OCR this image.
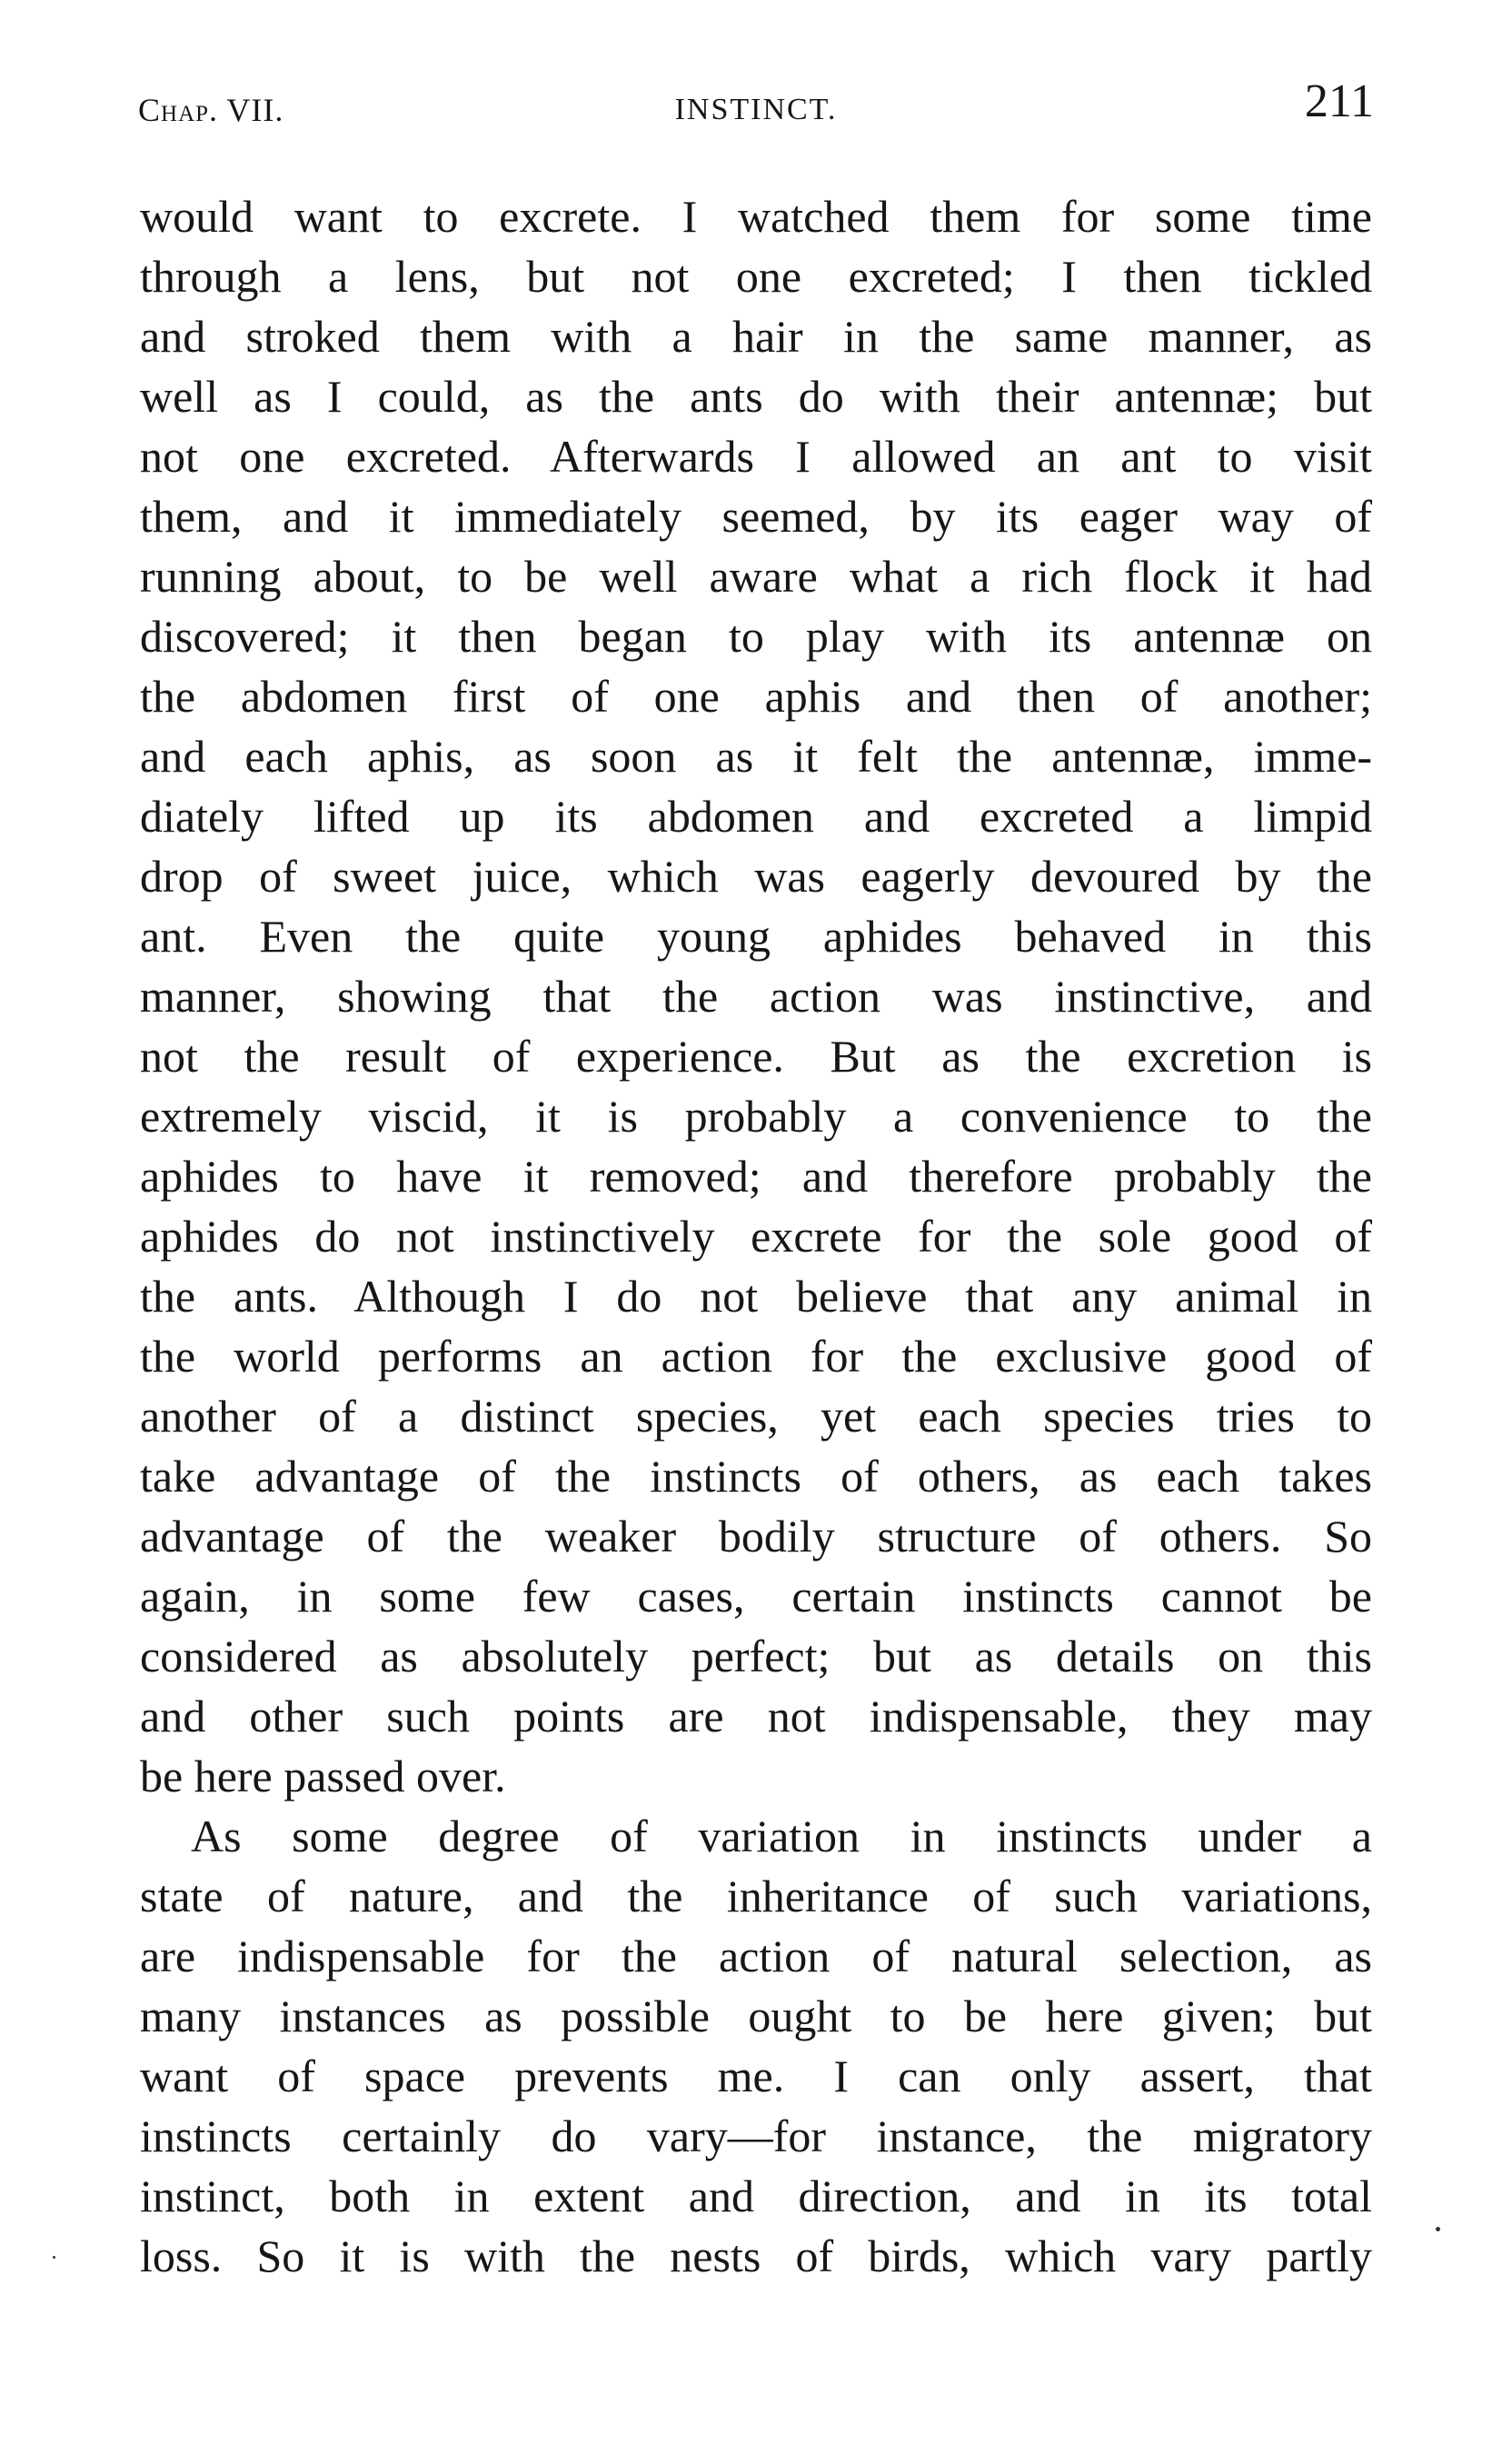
Chap. VII.	INSTINCT.	211
would want to excrete. I watched them for some time
through a lens, but not one excreted; I then tickled
and stroked them with a hair in the same manner, as
well as I could, as the ants do with their antennæ; but
not one excreted. Afterwards I allowed an ant to visit
them, and it immediately seemed, by its eager way of
running about, to be well aware what a rich flock it had
discovered; it then began to play with its antennæ on
the abdomen first of one aphis and then of another;
and each aphis, as soon as it felt the antennæ, imme-
diately lifted up its abdomen and excreted a limpid
drop of sweet juice, which was eagerly devoured by the
ant. Even the quite young aphides behaved in this
manner, showing that the action was instinctive, and
not the result of experience. But as the excretion is
extremely viscid, it is probably a convenience to the
aphides to have it removed; and therefore probably the
aphides do not instinctively excrete for the sole good of
the ants. Although I do not believe that any animal in
the world performs an action for the exclusive good of
another of a distinct species, yet each species tries to
take advantage of the instincts of others, as each takes
advantage of the weaker bodily structure of others. So
again, in some few cases, certain instincts cannot be
considered as absolutely perfect; but as details on this
and other such points are not indispensable, they may
be here passed over.
As some degree of variation in instincts under a
state of nature, and the inheritance of such variations,
are indispensable for the action of natural selection, as
many instances as possible ought to be here given; but
want of space prevents me. I can only assert, that
instincts certainly do vary—for instance, the migratory
instinct, both in extent and direction, and in its total
loss. So it is with the nests of birds, which vary partly
